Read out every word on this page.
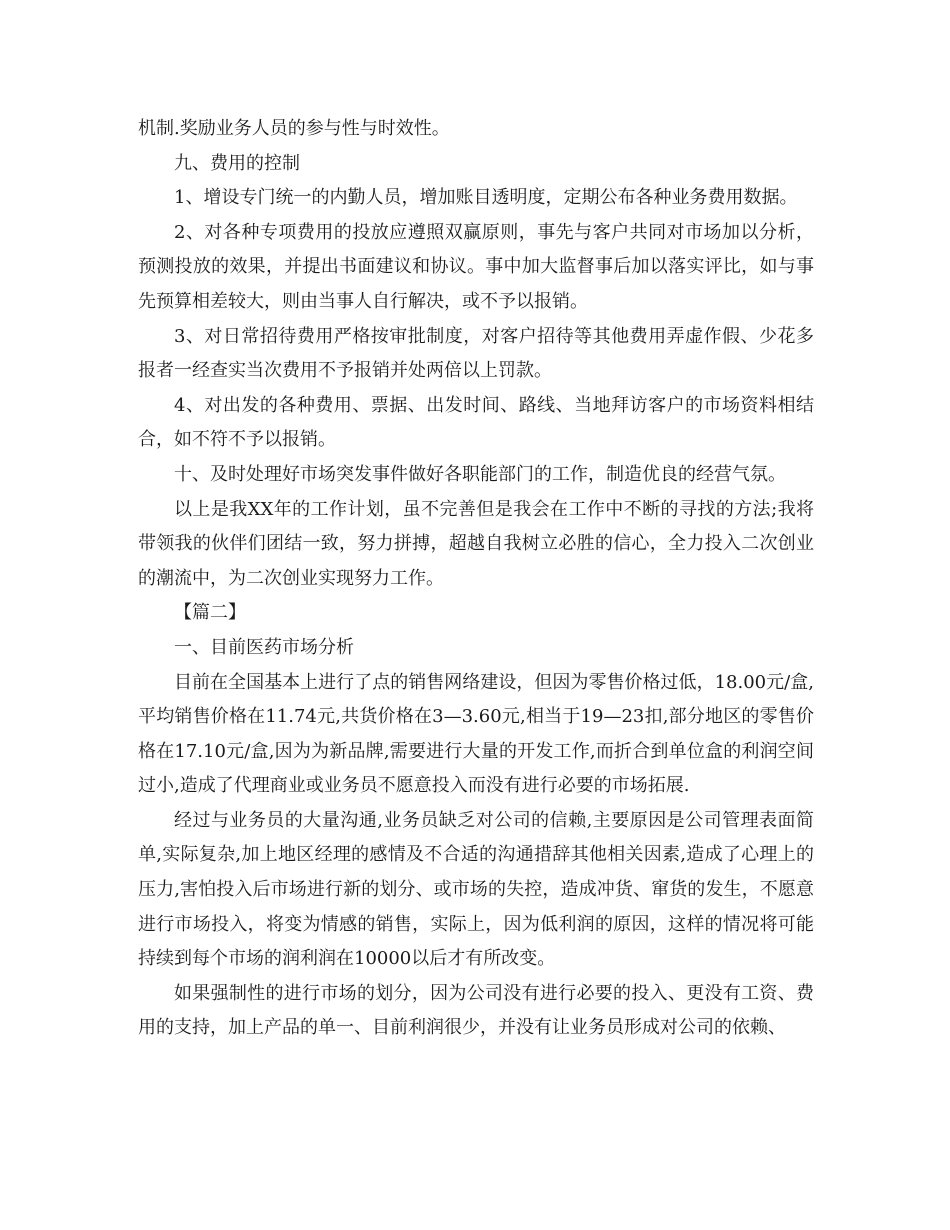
机制.奖励业务人员的参与性与时效性。

九、费用的控制

1、增设专门统一的内勤人员，增加账目透明度，定期公布各种业务费用数据。

2、对各种专项费用的投放应遵照双赢原则，事先与客户共同对市场加以分析，预测投放的效果，并提出书面建议和协议。事中加大监督事后加以落实评比，如与事先预算相差较大，则由当事人自行解决，或不予以报销。

3、对日常招待费用严格按审批制度，对客户招待等其他费用弄虚作假、少花多报者一经查实当次费用不予报销并处两倍以上罚款。

4、对出发的各种费用、票据、出发时间、路线、当地拜访客户的市场资料相结合，如不符不予以报销。

十、及时处理好市场突发事件做好各职能部门的工作，制造优良的经营气氛。

以上是我XX年的工作计划，虽不完善但是我会在工作中不断的寻找的方法;我将带领我的伙伴们团结一致，努力拼搏，超越自我树立必胜的信心，全力投入二次创业的潮流中，为二次创业实现努力工作。

【篇二】

一、目前医药市场分析

目前在全国基本上进行了点的销售网络建设，但因为零售价格过低，18.00元/盒,平均销售价格在11.74元,共货价格在3—3.60元,相当于19—23扣,部分地区的零售价格在17.10元/盒,因为为新品牌,需要进行大量的开发工作,而折合到单位盒的利润空间过小,造成了代理商业或业务员不愿意投入而没有进行必要的市场拓展.

经过与业务员的大量沟通,业务员缺乏对公司的信赖,主要原因是公司管理表面简单,实际复杂,加上地区经理的感情及不合适的沟通措辞其他相关因素,造成了心理上的压力,害怕投入后市场进行新的划分、或市场的失控，造成冲货、窜货的发生，不愿意进行市场投入，将变为情感的销售，实际上，因为低利润的原因，这样的情况将可能持续到每个市场的润利润在10000以后才有所改变。

如果强制性的进行市场的划分，因为公司没有进行必要的投入、更没有工资、费用的支持，加上产品的单一、目前利润很少，并没有让业务员形成对公司的依赖、
